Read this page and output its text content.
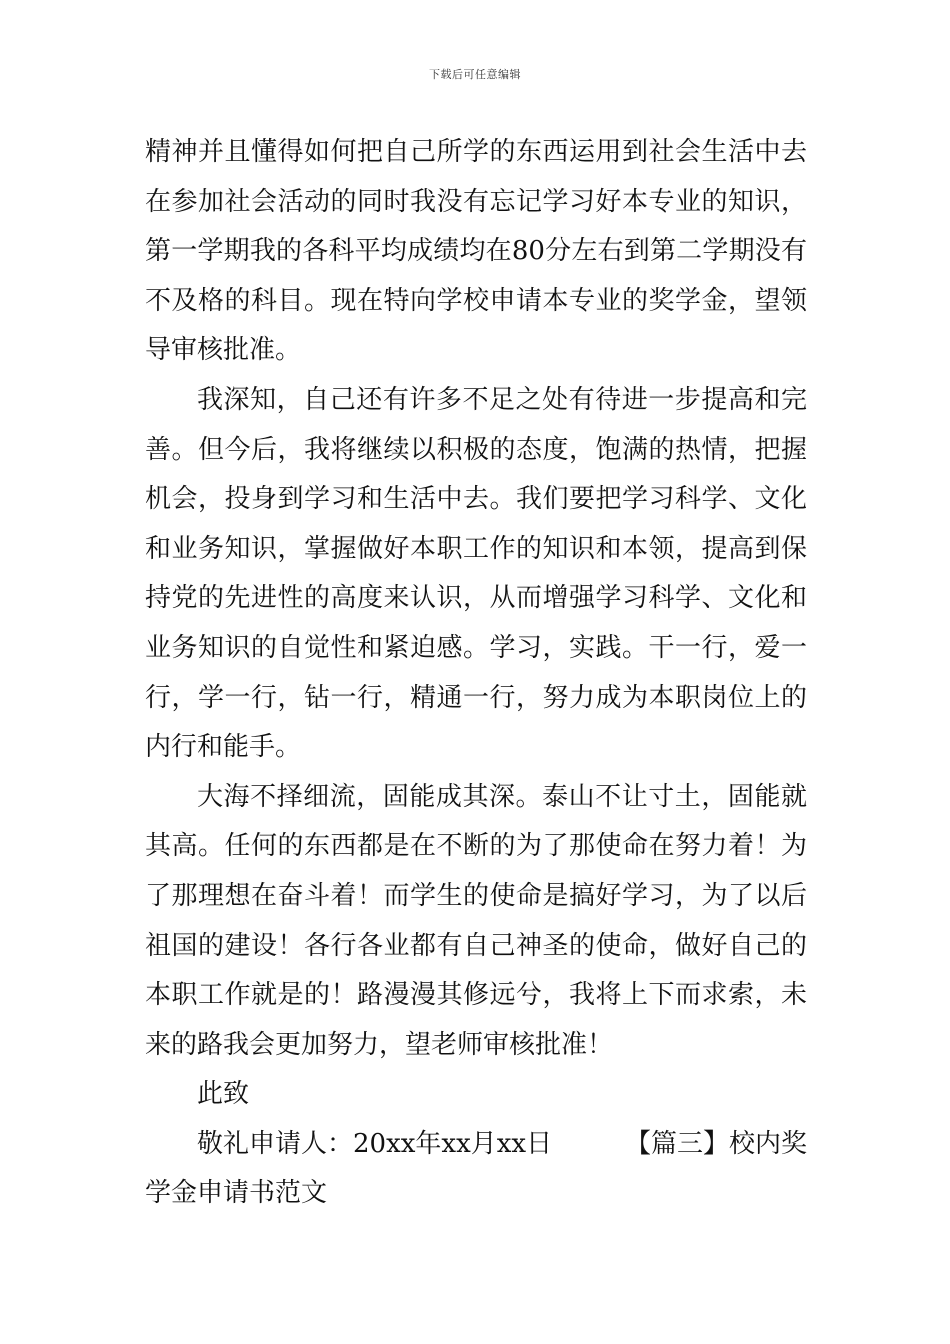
下载后可任意编辑
精神并且懂得如何把自己所学的东西运用到社会生活中去
在参加社会活动的同时我没有忘记学习好本专业的知识，
第一学期我的各科平均成绩均在80分左右到第二学期没有
不及格的科目。现在特向学校申请本专业的奖学金，望领
导审核批准。
我深知，自己还有许多不足之处有待进一步提高和完
善。但今后，我将继续以积极的态度，饱满的热情，把握
机会，投身到学习和生活中去。我们要把学习科学、文化
和业务知识，掌握做好本职工作的知识和本领，提高到保
持党的先进性的高度来认识，从而增强学习科学、文化和
业务知识的自觉性和紧迫感。学习，实践。干一行，爱一
行，学一行，钻一行，精通一行，努力成为本职岗位上的
内行和能手。
大海不择细流，固能成其深。泰山不让寸土，固能就
其高。任何的东西都是在不断的为了那使命在努力着！为
了那理想在奋斗着！而学生的使命是搞好学习，为了以后
祖国的建设！各行各业都有自己神圣的使命，做好自己的
本职工作就是的！路漫漫其修远兮，我将上下而求索，未
来的路我会更加努力，望老师审核批准！
此致
敬礼申请人：20xx年xx月xx日	【篇三】校内奖
学金申请书范文
